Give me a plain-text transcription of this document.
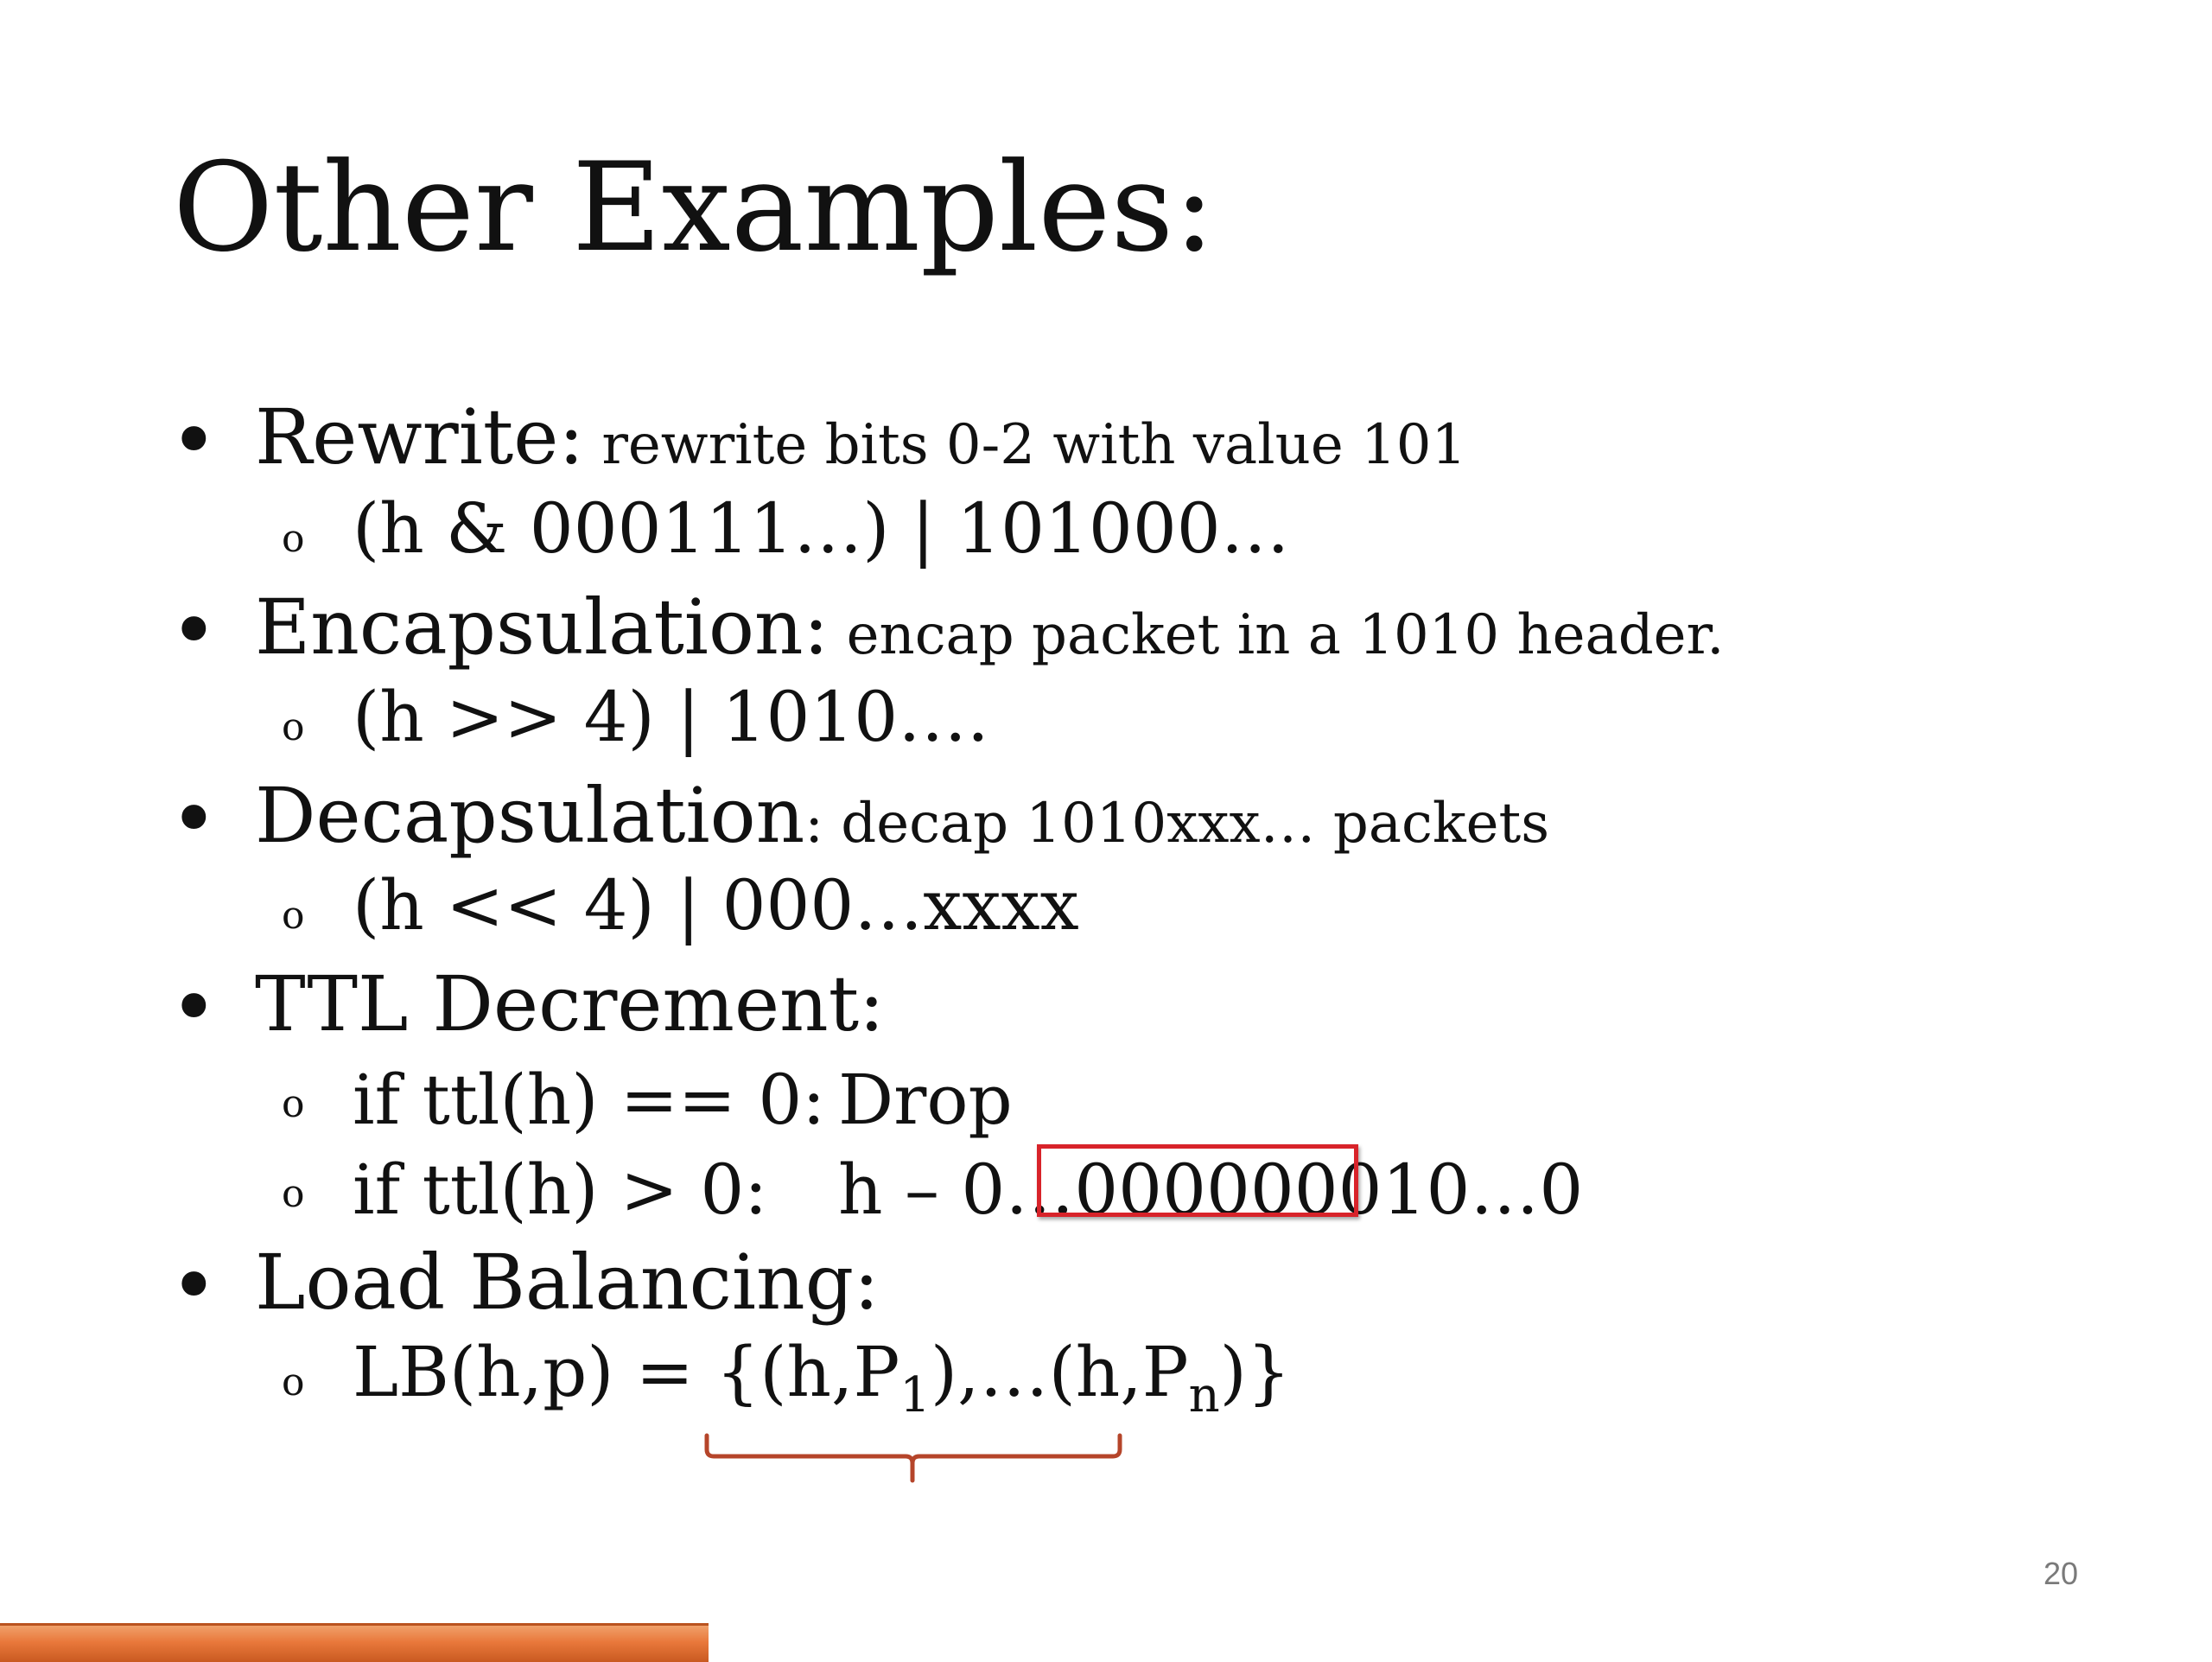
Other Examples:
• Rewrite: rewrite bits 0-2 with value 101
o (h & 000111…) | 101000…
• Encapsulation: encap packet in a 1010 header.
o (h >> 4) | 1010….
• Decapsulation: decap 1010xxx… packets
o (h << 4) | 000…xxxx
• TTL Decrement:
o if ttl(h) == 0: Drop
o if ttl(h) > 0: h – 0…000000010…0
• Load Balancing:
o $LB(h,p) = \{(h,P_1),\dots(h,P_n)\}$
20
